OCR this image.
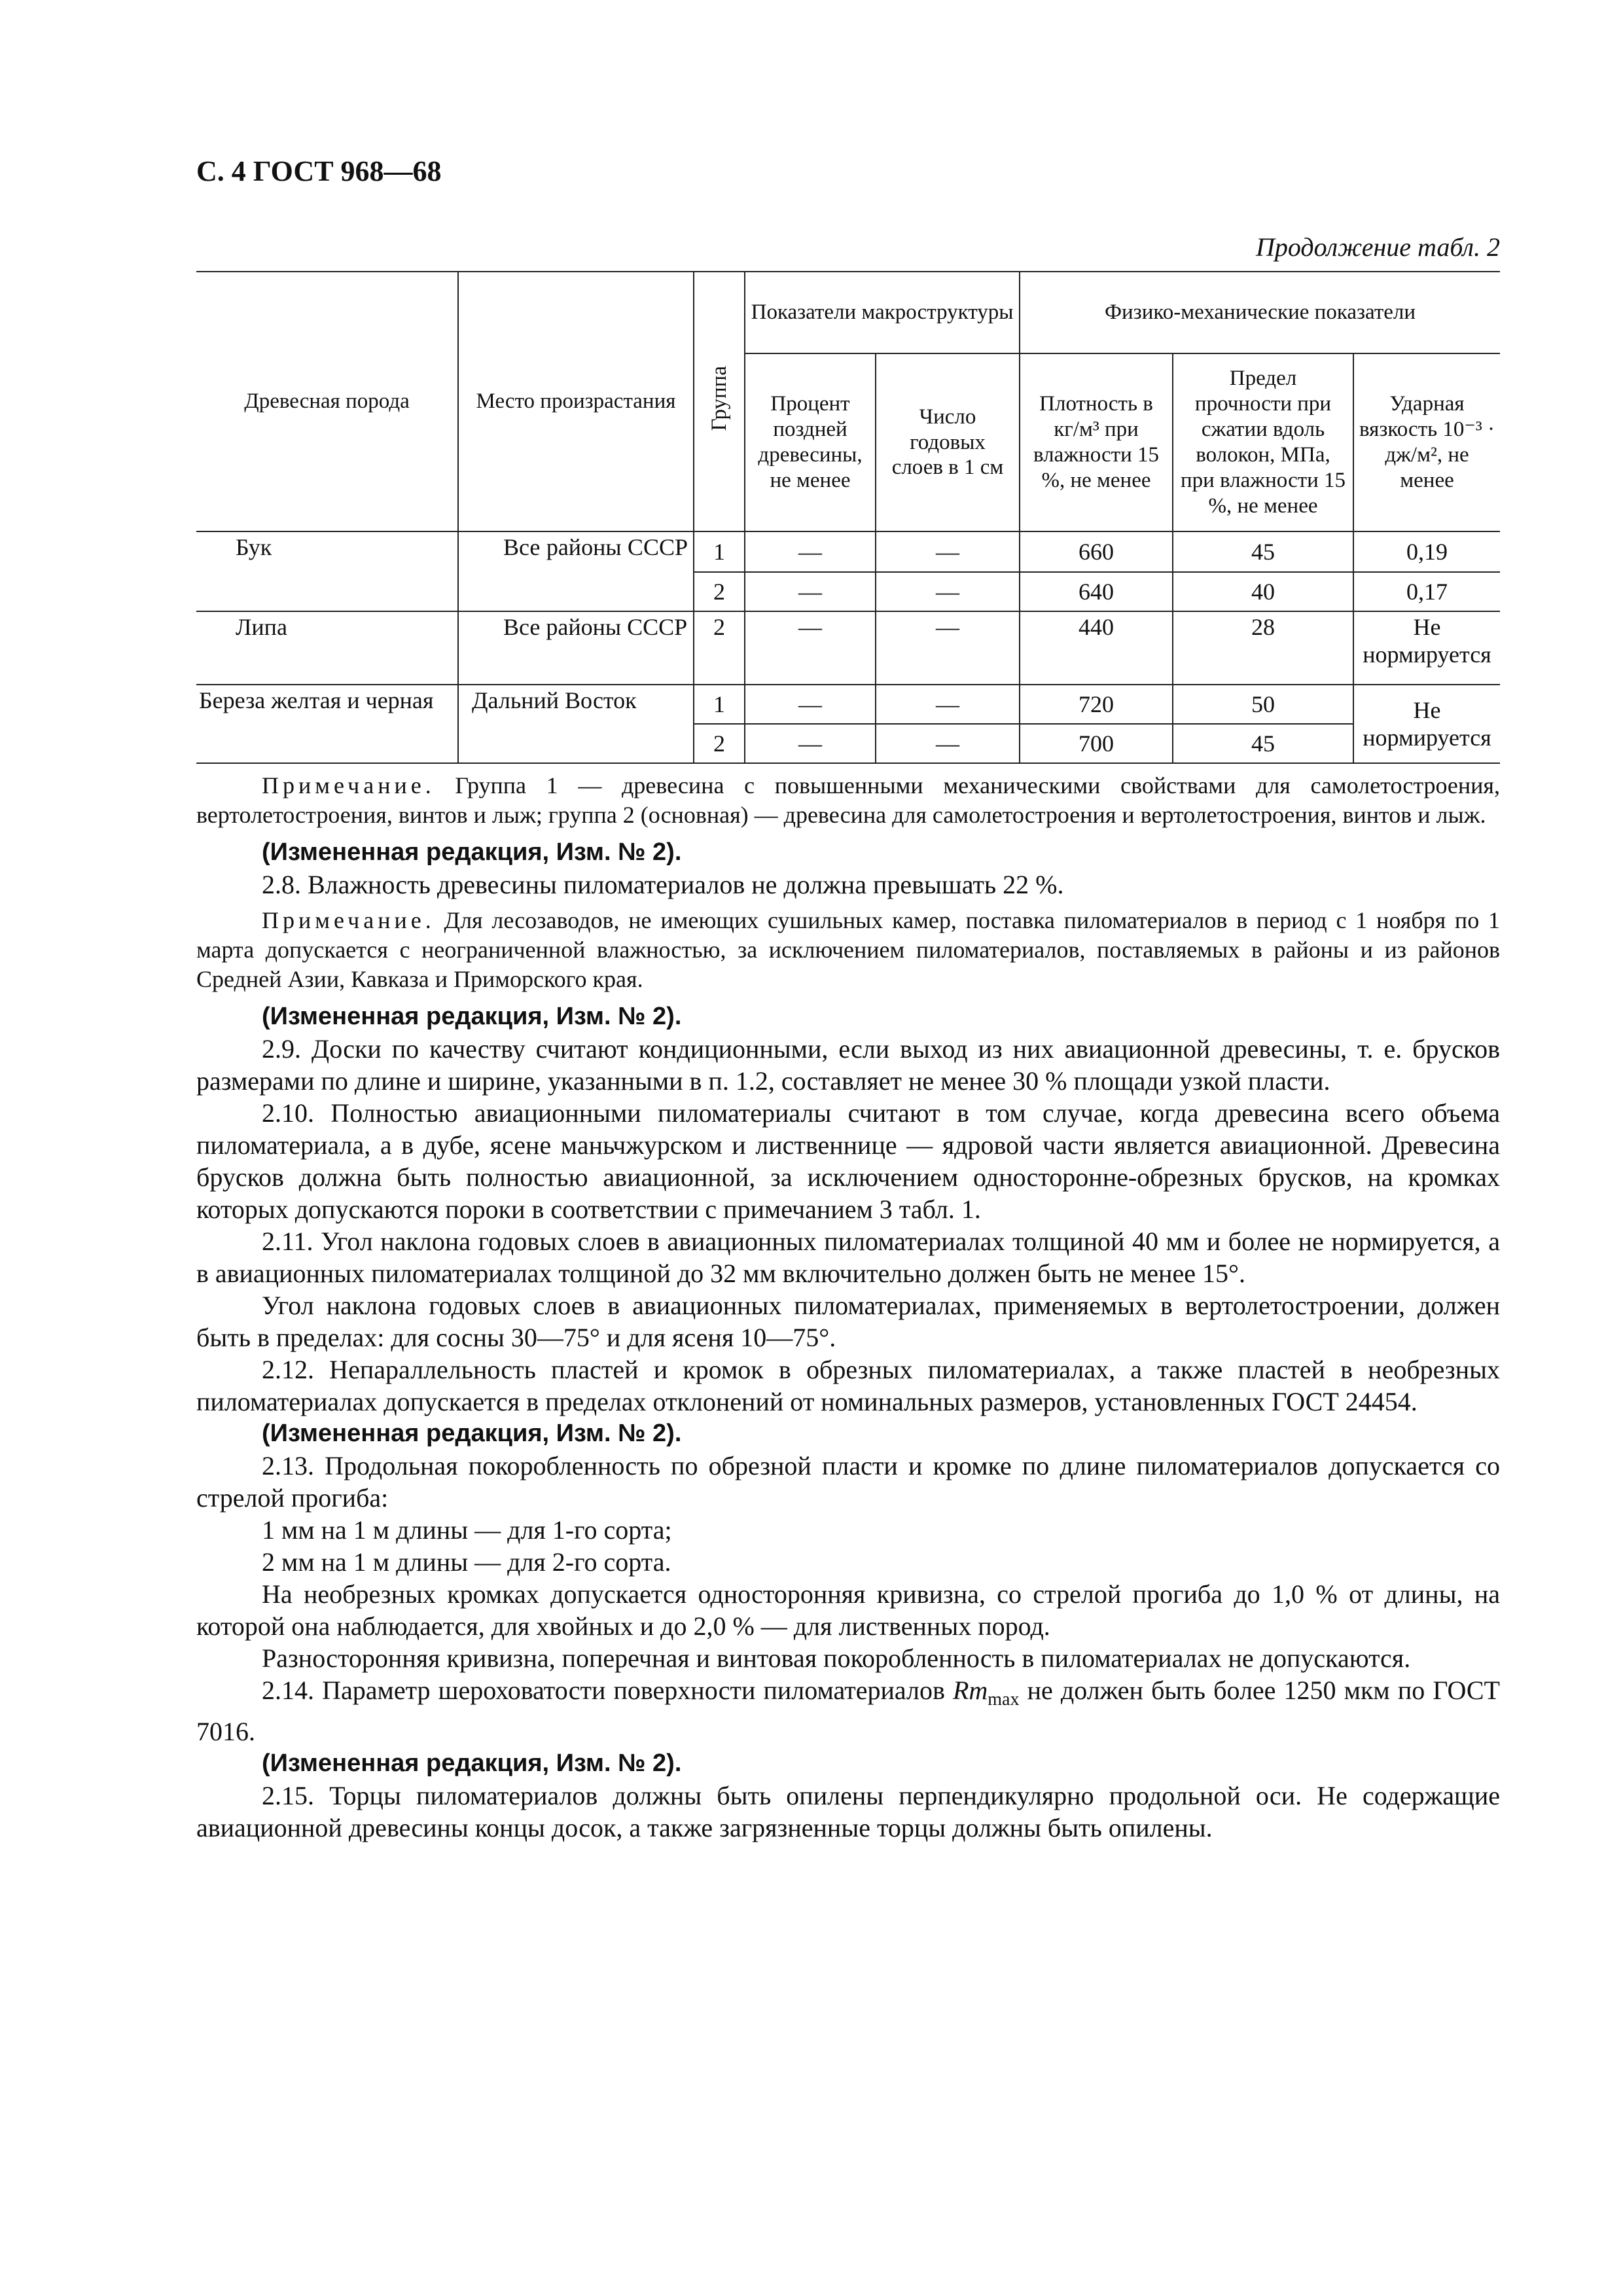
С. 4 ГОСТ 968—68
Продолжение табл. 2
Древесная порода	Место произрастания	Группа	Показатели макроструктуры		Физико-механические показатели		
			Процент поздней древесины, не менее	Число годовых слоев в 1 см	Плотность в кг/м³ при влажности 15 %, не менее	Предел прочности при сжатии вдоль волокон, МПа, при влажности 15 %, не менее	Ударная вязкость 10⁻³ · дж/м², не менее
Бук	Все районы СССР	1	—	—	660	45	0,19
		2	—	—	640	40	0,17
Липа	Все районы СССР	2	—	—	440	28	Не нормируется
Береза желтая и черная	Дальний Восток	1	—	—	720	50	Не нормируется
		2	—	—	700	45	

Примечание. Группа 1 — древесина с повышенными механическими свойствами для самолетостроения, вертолетостроения, винтов и лыж; группа 2 (основная) — древесина для самолетостроения и вертолетостроения, винтов и лыж.

(Измененная редакция, Изм. № 2).

2.8. Влажность древесины пиломатериалов не должна превышать 22 %.

Примечание. Для лесозаводов, не имеющих сушильных камер, поставка пиломатериалов в период с 1 ноября по 1 марта допускается с неограниченной влажностью, за исключением пиломатериалов, поставляемых в районы и из районов Средней Азии, Кавказа и Приморского края.

(Измененная редакция, Изм. № 2).

2.9. Доски по качеству считают кондиционными, если выход из них авиационной древесины, т. е. брусков размерами по длине и ширине, указанными в п. 1.2, составляет не менее 30 % площади узкой пласти.

2.10. Полностью авиационными пиломатериалы считают в том случае, когда древесина всего объема пиломатериала, а в дубе, ясене маньчжурском и лиственнице — ядровой части является авиационной. Древесина брусков должна быть полностью авиационной, за исключением односторонне-обрезных брусков, на кромках которых допускаются пороки в соответствии с примечанием 3 табл. 1.

2.11. Угол наклона годовых слоев в авиационных пиломатериалах толщиной 40 мм и более не нормируется, а в авиационных пиломатериалах толщиной до 32 мм включительно должен быть не менее 15°.

Угол наклона годовых слоев в авиационных пиломатериалах, применяемых в вертолетостроении, должен быть в пределах: для сосны 30—75° и для ясеня 10—75°.

2.12. Непараллельность пластей и кромок в обрезных пиломатериалах, а также пластей в необрезных пиломатериалах допускается в пределах отклонений от номинальных размеров, установленных ГОСТ 24454.

(Измененная редакция, Изм. № 2).

2.13. Продольная покоробленность по обрезной пласти и кромке по длине пиломатериалов допускается со стрелой прогиба:

1 мм на 1 м длины — для 1-го сорта;

2 мм на 1 м длины — для 2-го сорта.

На необрезных кромках допускается односторонняя кривизна, со стрелой прогиба до 1,0 % от длины, на которой она наблюдается, для хвойных и до 2,0 % — для лиственных пород.

Разносторонняя кривизна, поперечная и винтовая покоробленность в пиломатериалах не допускаются.

2.14. Параметр шероховатости поверхности пиломатериалов $Rm_{max}$ не должен быть более 1250 мкм по ГОСТ 7016.

(Измененная редакция, Изм. № 2).

2.15. Торцы пиломатериалов должны быть опилены перпендикулярно продольной оси. Не содержащие авиационной древесины концы досок, а также загрязненные торцы должны быть опилены.
